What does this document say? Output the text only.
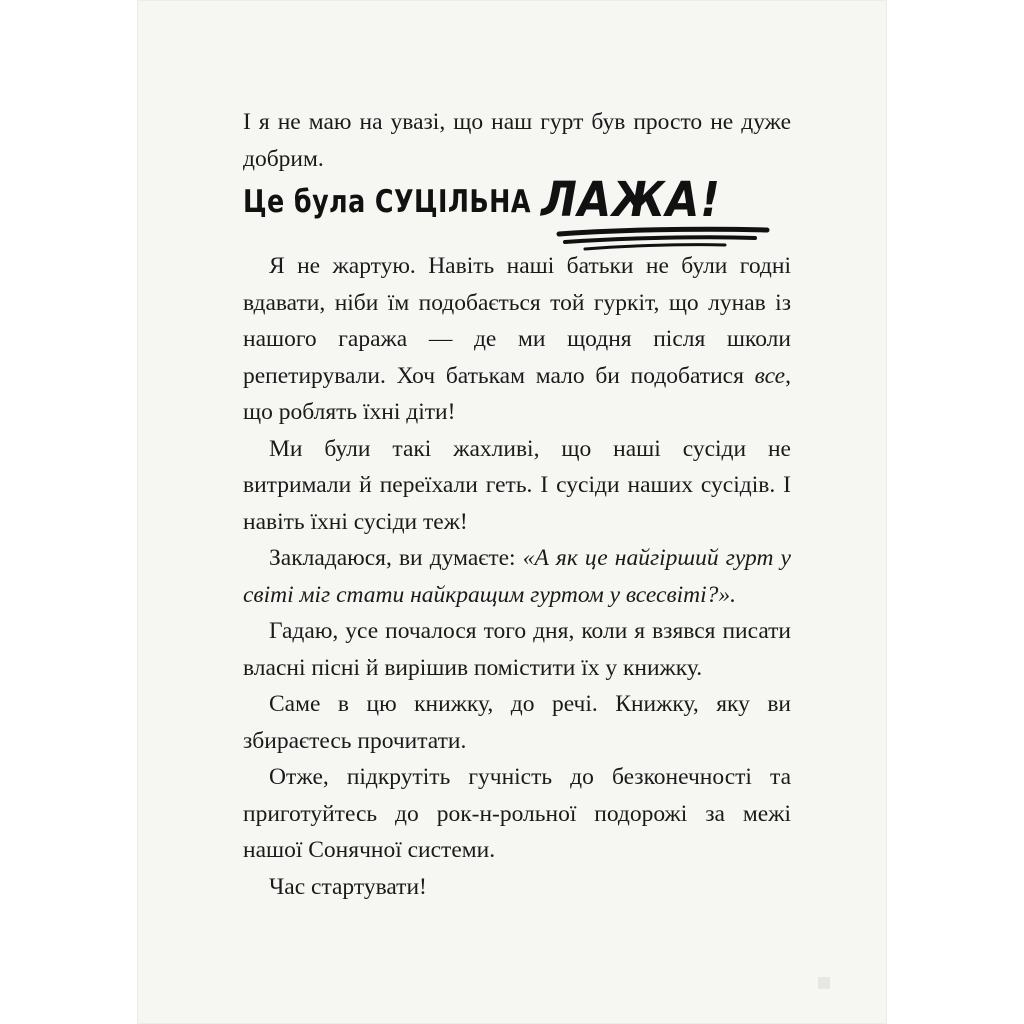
І я не маю на увазі, що наш гурт був просто не дуже добрим.

Я не жартую. Навіть наші батьки не були годні вдавати, ніби їм подобається той гуркіт, що лунав із нашого гаража — де ми щодня після школи репетирували. Хоч батькам мало би подобатися все, що роблять їхні діти!

Ми були такі жахливі, що наші сусіди не витримали й переїхали геть. І сусіди наших сусідів. І навіть їхні сусіди теж!

Закладаюся, ви думаєте: «А як це найгірший гурт у світі міг стати найкращим гуртом у всесвіті?».

Гадаю, усе почалося того дня, коли я взявся писати власні пісні й вирішив помістити їх у книжку.

Саме в цю книжку, до речі. Книжку, яку ви збираєтесь прочитати.

Отже, підкрутіть гучність до безконечності та приготуйтесь до рок-н-рольної подорожі за межі нашої Сонячної системи.

Час стартувати!

Це була СУЦІЛЬНА ЛАЖА!
